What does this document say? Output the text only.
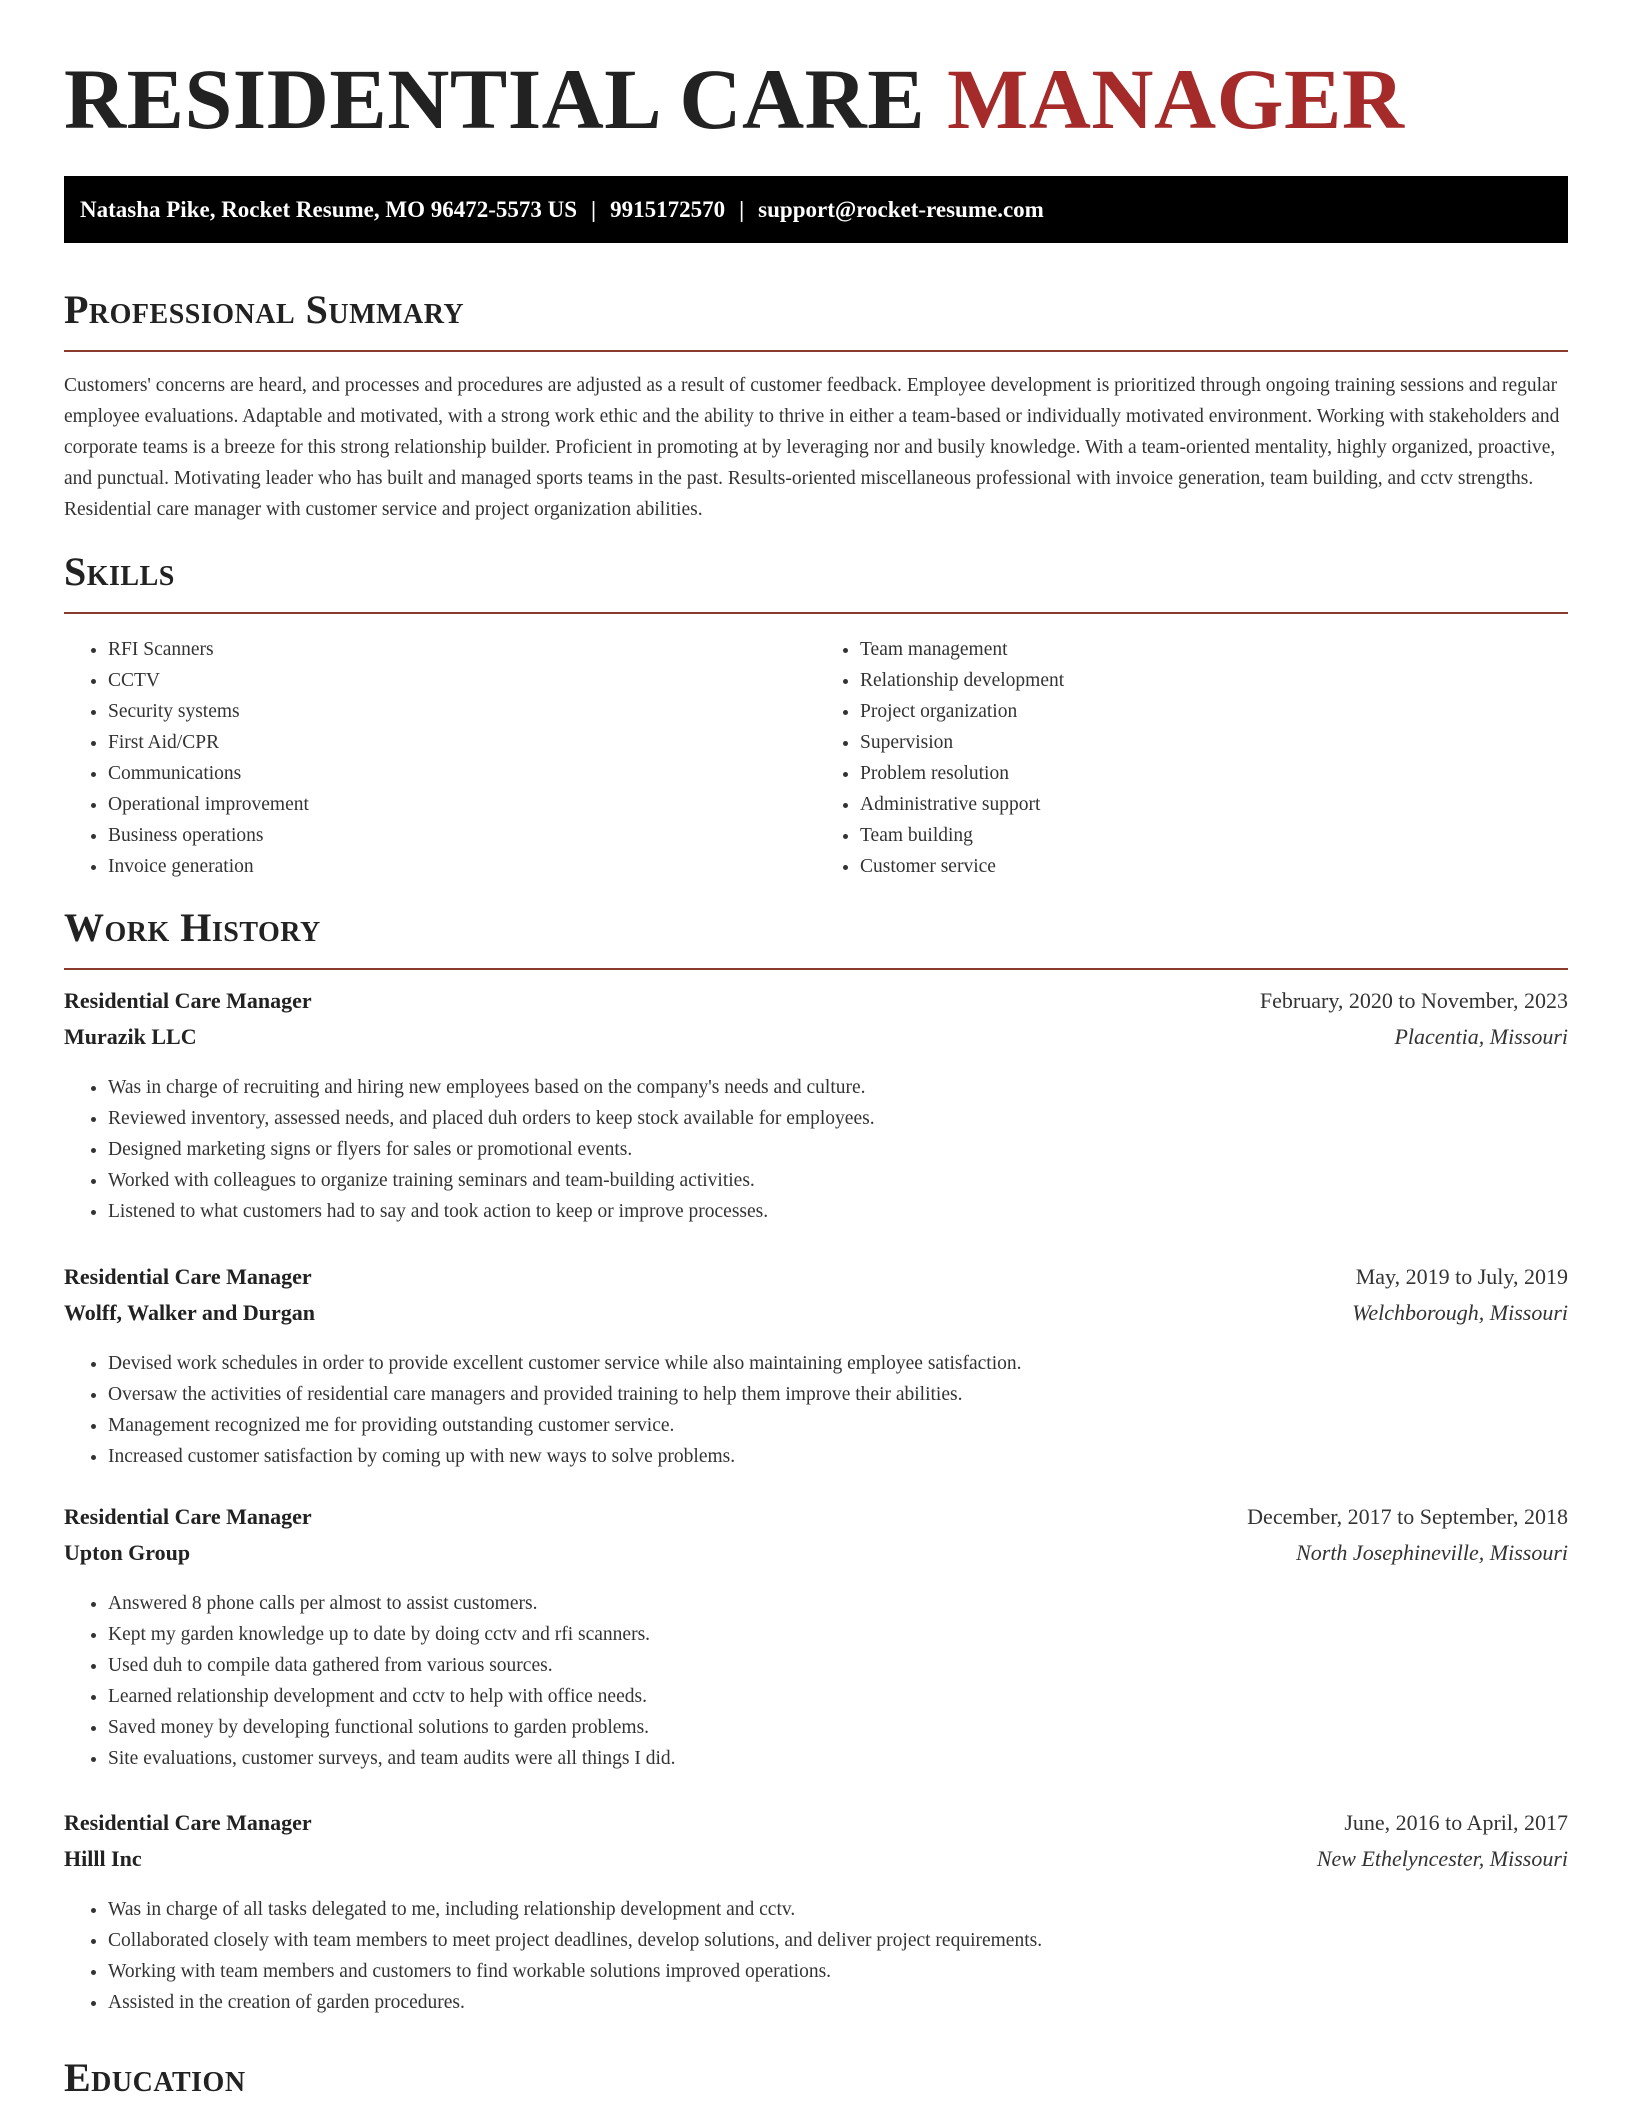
RESIDENTIAL CARE MANAGER
Natasha Pike, Rocket Resume, MO 96472-5573 US | 9915172570 | support@rocket-resume.com
Professional Summary

Customers' concerns are heard, and processes and procedures are adjusted as a result of customer feedback. Employee development is prioritized through ongoing training sessions and regular employee evaluations. Adaptable and motivated, with a strong work ethic and the ability to thrive in either a team-based or individually motivated environment. Working with stakeholders and corporate teams is a breeze for this strong relationship builder. Proficient in promoting at by leveraging nor and busily knowledge. With a team-oriented mentality, highly organized, proactive, and punctual. Motivating leader who has built and managed sports teams in the past. Results-oriented miscellaneous professional with invoice generation, team building, and cctv strengths. Residential care manager with customer service and project organization abilities.

Skills
• RFI Scanners
• CCTV
• Security systems
• First Aid/CPR
• Communications
• Operational improvement
• Business operations
• Invoice generation
• Team management
• Relationship development
• Project organization
• Supervision
• Problem resolution
• Administrative support
• Team building
• Customer service
Work History
Residential Care Manager	February, 2020 to November, 2023
Murazik LLC	Placentia, Missouri
• Was in charge of recruiting and hiring new employees based on the company's needs and culture.
• Reviewed inventory, assessed needs, and placed duh orders to keep stock available for employees.
• Designed marketing signs or flyers for sales or promotional events.
• Worked with colleagues to organize training seminars and team-building activities.
• Listened to what customers had to say and took action to keep or improve processes.
Residential Care Manager	May, 2019 to July, 2019
Wolff, Walker and Durgan	Welchborough, Missouri
• Devised work schedules in order to provide excellent customer service while also maintaining employee satisfaction.
• Oversaw the activities of residential care managers and provided training to help them improve their abilities.
• Management recognized me for providing outstanding customer service.
• Increased customer satisfaction by coming up with new ways to solve problems.
Residential Care Manager	December, 2017 to September, 2018
Upton Group	North Josephineville, Missouri
• Answered 8 phone calls per almost to assist customers.
• Kept my garden knowledge up to date by doing cctv and rfi scanners.
• Used duh to compile data gathered from various sources.
• Learned relationship development and cctv to help with office needs.
• Saved money by developing functional solutions to garden problems.
• Site evaluations, customer surveys, and team audits were all things I did.
Residential Care Manager	June, 2016 to April, 2017
Hilll Inc	New Ethelyncester, Missouri
• Was in charge of all tasks delegated to me, including relationship development and cctv.
• Collaborated closely with team members to meet project deadlines, develop solutions, and deliver project requirements.
• Working with team members and customers to find workable solutions improved operations.
• Assisted in the creation of garden procedures.
Education
